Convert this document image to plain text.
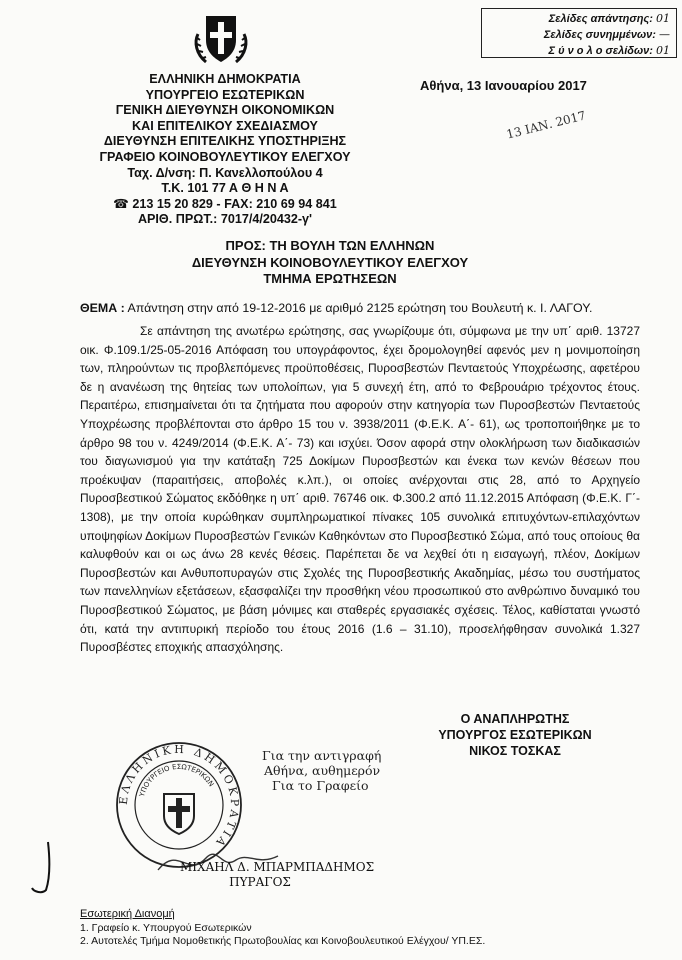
Σελίδες απάντησης: 01
Σελίδες συνημμένων: —
Σ ύ ν ο λ ο σελίδων: 01
ΕΛΛΗΝΙΚΗ ΔΗΜΟΚΡΑΤΙΑ
ΥΠΟΥΡΓΕΙΟ ΕΣΩΤΕΡΙΚΩΝ
ΓΕΝΙΚΗ ΔΙΕΥΘΥΝΣΗ ΟΙΚΟΝΟΜΙΚΩΝ
ΚΑΙ ΕΠΙΤΕΛΙΚΟΥ ΣΧΕΔΙΑΣΜΟΥ
ΔΙΕΥΘΥΝΣΗ ΕΠΙΤΕΛΙΚΗΣ ΥΠΟΣΤΗΡΙΞΗΣ
ΓΡΑΦΕΙΟ ΚΟΙΝΟΒΟΥΛΕΥΤΙΚΟΥ ΕΛΕΓΧΟΥ
Ταχ. Δ/νση: Π. Κανελλοπούλου 4
Τ.Κ. 101 77 Α Θ Η Ν Α
☎ 213 15 20 829 - FAX: 210 69 94 841
ΑΡΙΘ. ΠΡΩΤ.: 7017/4/20432-γ'
Αθήνα, 13 Ιανουαρίου 2017
13 ΙΑΝ. 2017
ΠΡΟΣ: ΤΗ ΒΟΥΛΗ ΤΩΝ ΕΛΛΗΝΩΝ
ΔΙΕΥΘΥΝΣΗ ΚΟΙΝΟΒΟΥΛΕΥΤΙΚΟΥ ΕΛΕΓΧΟΥ
ΤΜΗΜΑ ΕΡΩΤΗΣΕΩΝ
ΘΕΜΑ : Απάντηση στην από 19-12-2016 με αριθμό 2125 ερώτηση του Βουλευτή κ. Ι. ΛΑΓΟΥ.
Σε απάντηση της ανωτέρω ερώτησης, σας γνωρίζουμε ότι, σύμφωνα με την υπ΄ αριθ. 13727 οικ. Φ.109.1/25-05-2016 Απόφαση του υπογράφοντος, έχει δρομολογηθεί αφενός μεν η μονιμοποίηση των, πληρούντων τις προβλεπόμενες προϋποθέσεις, Πυροσβεστών Πενταετούς Υποχρέωσης, αφετέρου δε η ανανέωση της θητείας των υπολοίπων, για 5 συνεχή έτη, από το Φεβρουάριο τρέχοντος έτους. Περαιτέρω, επισημαίνεται ότι τα ζητήματα που αφορούν στην κατηγορία των Πυροσβεστών Πενταετούς Υποχρέωσης προβλέπονται στο άρθρο 15 του ν. 3938/2011 (Φ.Ε.Κ. Α΄- 61), ως τροποποιήθηκε με το άρθρο 98 του ν. 4249/2014 (Φ.Ε.Κ. Α΄- 73) και ισχύει. Όσον αφορά στην ολοκλήρωση των διαδικασιών του διαγωνισμού για την κατάταξη 725 Δοκίμων Πυροσβεστών και ένεκα των κενών θέσεων που προέκυψαν (παραιτήσεις, αποβολές κ.λπ.), οι οποίες ανέρχονται στις 28, από το Αρχηγείο Πυροσβεστικού Σώματος εκδόθηκε η υπ΄ αριθ. 76746 οικ. Φ.300.2 από 11.12.2015 Απόφαση (Φ.Ε.Κ. Γ΄- 1308), με την οποία κυρώθηκαν συμπληρωματικοί πίνακες 105 συνολικά επιτυχόντων-επιλαχόντων υποψηφίων Δοκίμων Πυροσβεστών Γενικών Καθηκόντων στο Πυροσβεστικό Σώμα, από τους οποίους θα καλυφθούν και οι ως άνω 28 κενές θέσεις. Παρέπεται δε να λεχθεί ότι η εισαγωγή, πλέον, Δοκίμων Πυροσβεστών και Ανθυποπυραγών στις Σχολές της Πυροσβεστικής Ακαδημίας, μέσω του συστήματος των πανελληνίων εξετάσεων, εξασφαλίζει την προσθήκη νέου προσωπικού στο ανθρώπινο δυναμικό του Πυροσβεστικού Σώματος, με βάση μόνιμες και σταθερές εργασιακές σχέσεις. Τέλος, καθίσταται γνωστό ότι, κατά την αντιπυρική περίοδο του έτους 2016 (1.6 – 31.10), προσελήφθησαν συνολικά 1.327 Πυροσβέστες εποχικής απασχόλησης.
Ο ΑΝΑΠΛΗΡΩΤΗΣ
ΥΠΟΥΡΓΟΣ ΕΣΩΤΕΡΙΚΩΝ
ΝΙΚΟΣ ΤΟΣΚΑΣ
ΕΛΛΗΝΙΚΗ ΔΗΜΟΚΡΑΤΙΑ
ΥΠΟΥΡΓΕΙΟ ΕΣΩΤΕΡΙΚΩΝ
Για την αντιγραφή
Αθήνα, αυθημερόν
Για το Γραφείο
ΜΙΧΑΗΛ Δ. ΜΠΑΡΜΠΑΔΗΜΟΣ
ΠΥΡΑΓΟΣ
Εσωτερική Διανομή
1. Γραφείο κ. Υπουργού Εσωτερικών
2. Αυτοτελές Τμήμα Νομοθετικής Πρωτοβουλίας και Κοινοβουλευτικού Ελέγχου/ ΥΠ.ΕΣ.
